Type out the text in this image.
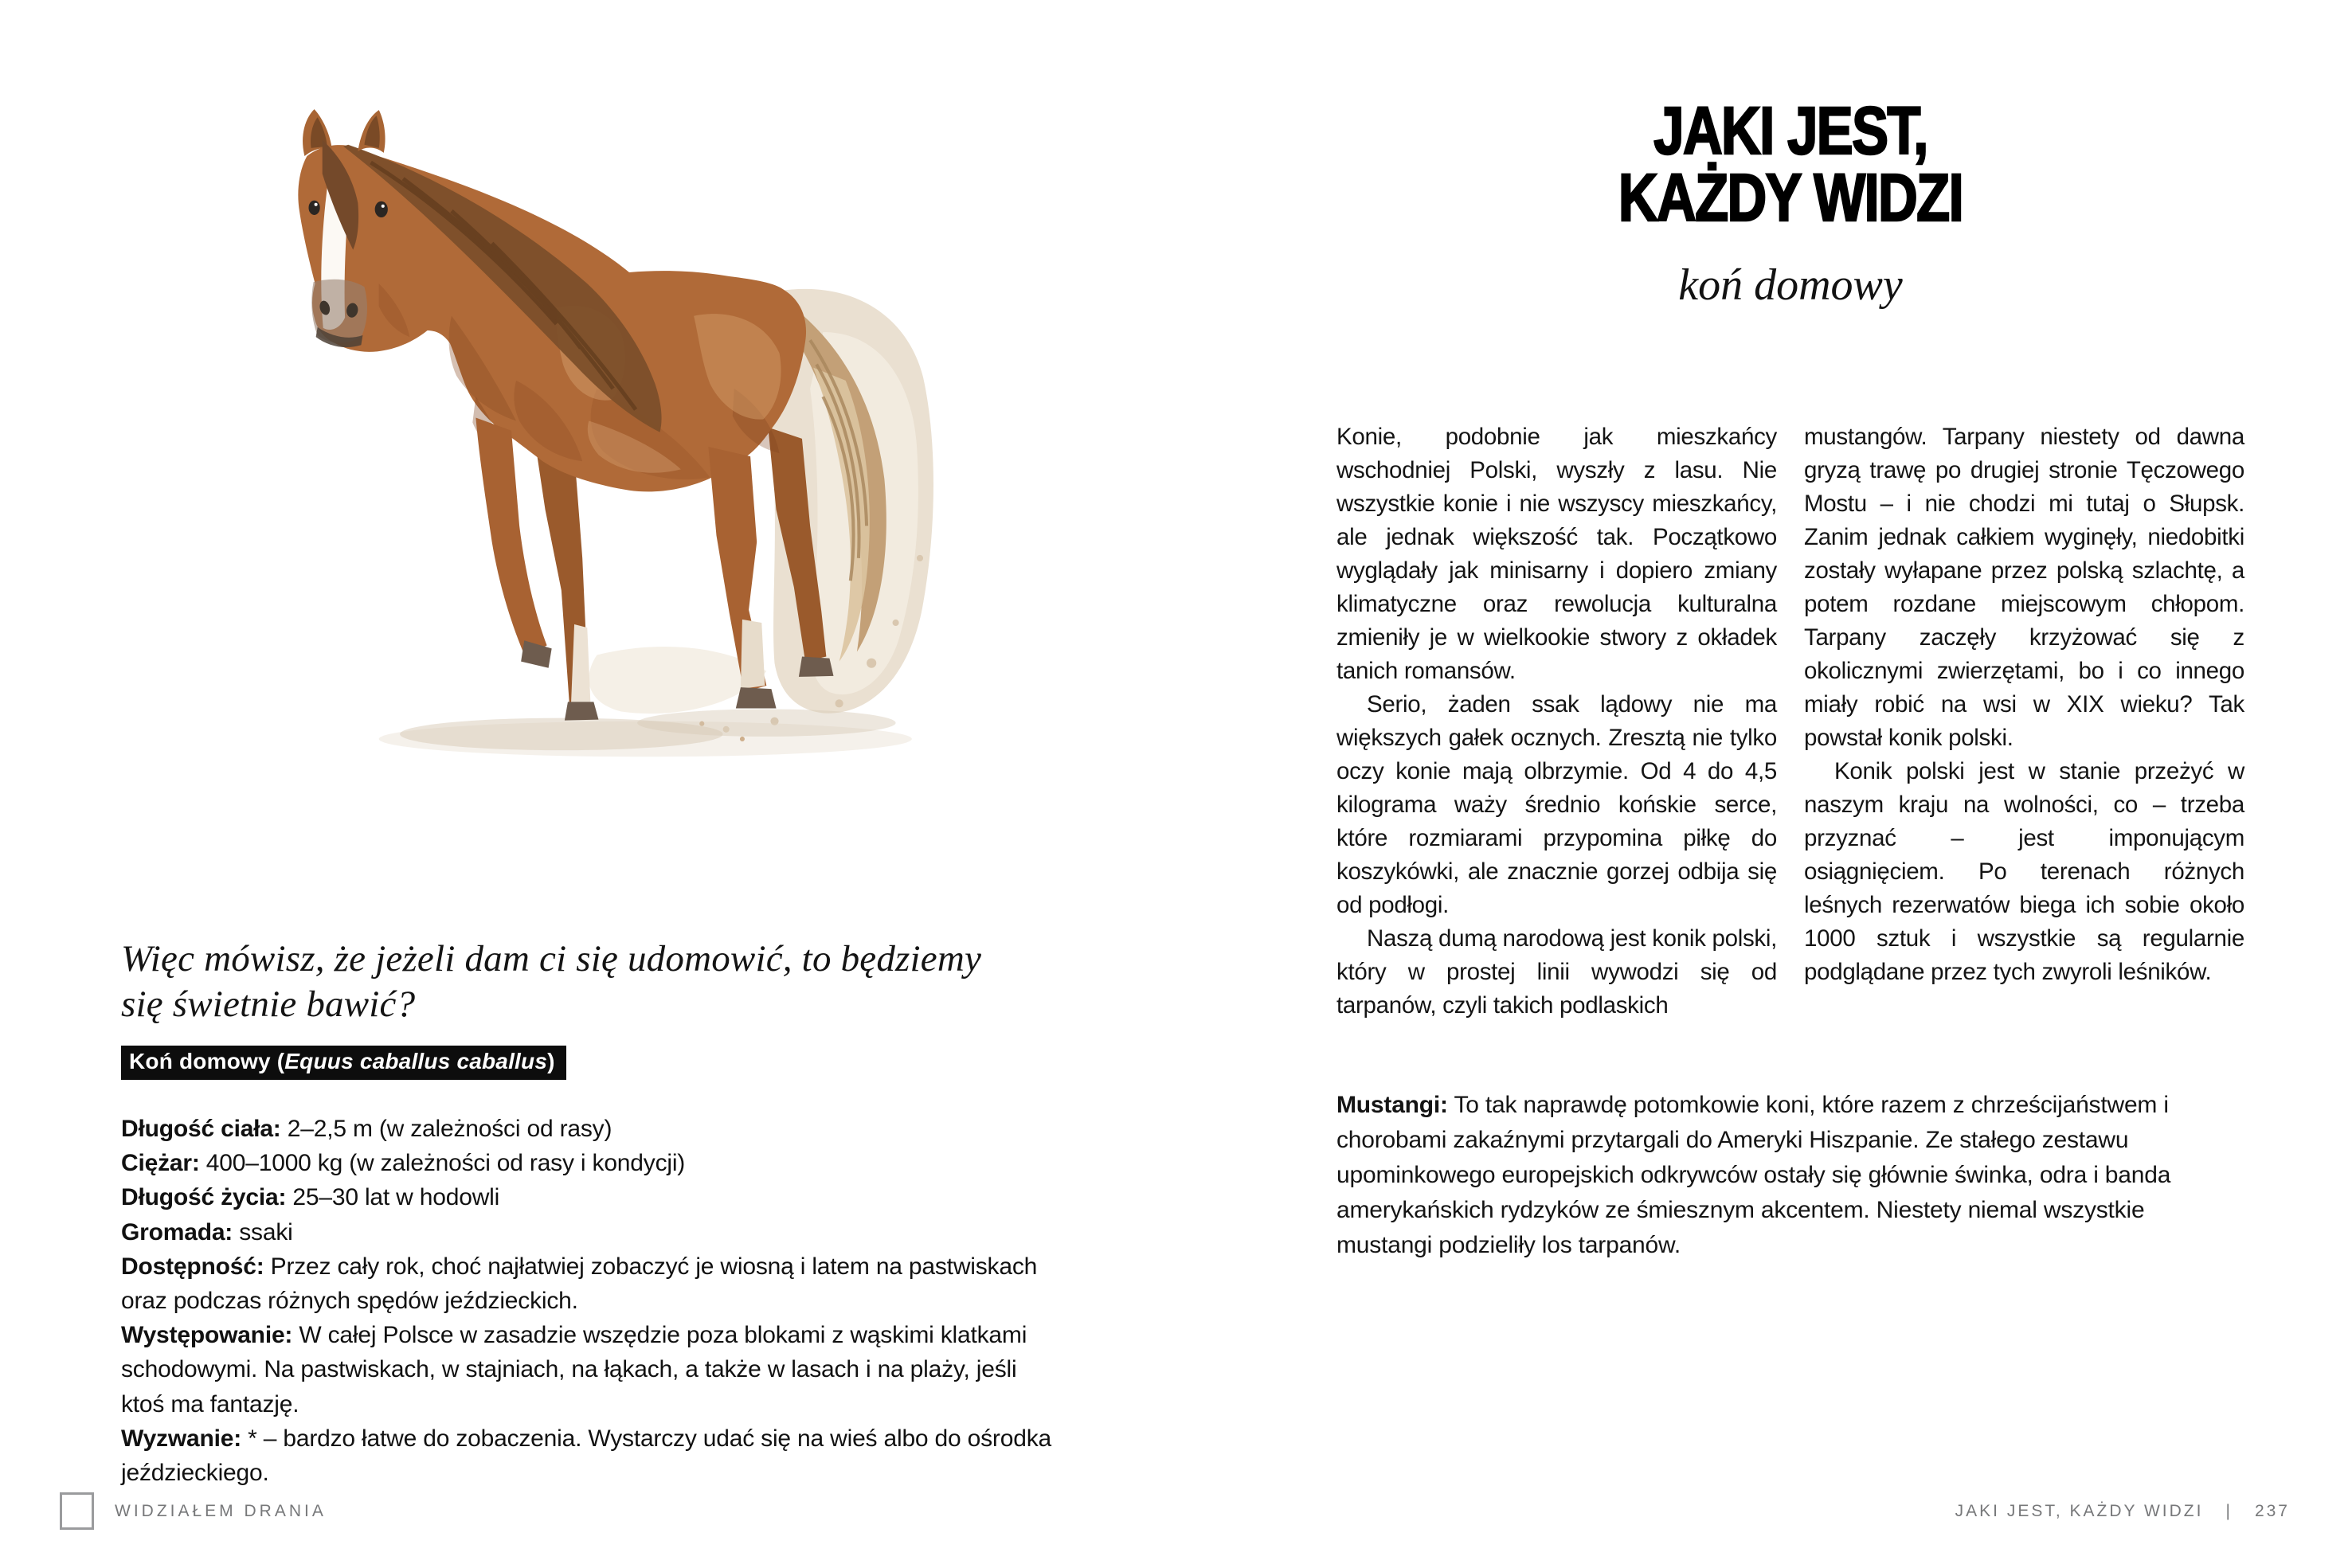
Więc mówisz, że jeżeli dam ci się udomowić, to będziemy się świetnie bawić?
Koń domowy (Equus caballus caballus)

Długość ciała: 2–2,5 m (w zależności od rasy)

Ciężar: 400–1000 kg (w zależności od rasy i kondycji)

Długość życia: 25–30 lat w hodowli

Gromada: ssaki

Dostępność: Przez cały rok, choć najłatwiej zobaczyć je wiosną i latem na pastwiskach oraz podczas różnych spędów jeździeckich.

Występowanie: W całej Polsce w zasadzie wszędzie poza blokami z wąskimi klatkami schodowymi. Na pastwiskach, w stajniach, na łąkach, a także w lasach i na plaży, jeśli ktoś ma fantazję.

Wyzwanie: * – bardzo łatwe do zobaczenia. Wystarczy udać się na wieś albo do ośrodka jeździeckiego.

WIDZIAŁEM DRANIA
JAKI JEST,
KAŻDY WIDZI
koń domowy

Konie, podobnie jak mieszkańcy wschodniej Polski, wyszły z lasu. Nie wszystkie konie i nie wszyscy mieszkańcy, ale jednak większość tak. Początkowo wyglądały jak minisarny i dopiero zmiany klimatyczne oraz rewolucja kulturalna zmieniły je w wielkookie stwory z okładek tanich romansów.

Serio, żaden ssak lądowy nie ma większych gałek ocznych. Zresztą nie tylko oczy konie mają olbrzymie. Od 4 do 4,5 kilograma waży średnio końskie serce, które rozmiarami przypomina piłkę do koszykówki, ale znacznie gorzej odbija się od podłogi.

Naszą dumą narodową jest konik polski, który w prostej linii wywodzi się od tarpanów, czyli takich podlaskich

mustangów. Tarpany niestety od dawna gryzą trawę po drugiej stronie Tęczowego Mostu – i nie chodzi mi tutaj o Słupsk. Zanim jednak całkiem wyginęły, niedobitki zostały wyłapane przez polską szlachtę, a potem rozdane miejscowym chłopom. Tarpany zaczęły krzyżować się z okolicznymi zwierzętami, bo i co innego miały robić na wsi w XIX wieku? Tak powstał konik polski.

Konik polski jest w stanie przeżyć w naszym kraju na wolności, co – trzeba przyznać – jest imponującym osiągnięciem. Po terenach różnych leśnych rezerwatów biega ich sobie około 1000 sztuk i wszystkie są regularnie podglądane przez tych zwyroli leśników.

Mustangi: To tak naprawdę potomkowie koni, które razem z chrześcijaństwem i chorobami zakaźnymi przytargali do Ameryki Hiszpanie. Ze stałego zestawu upominkowego europejskich odkrywców ostały się głównie świnka, odra i banda amerykańskich rydzyków ze śmiesznym akcentem. Niestety niemal wszystkie mustangi podzieliły los tarpanów.
JAKI JEST, KAŻDY WIDZI | 237
